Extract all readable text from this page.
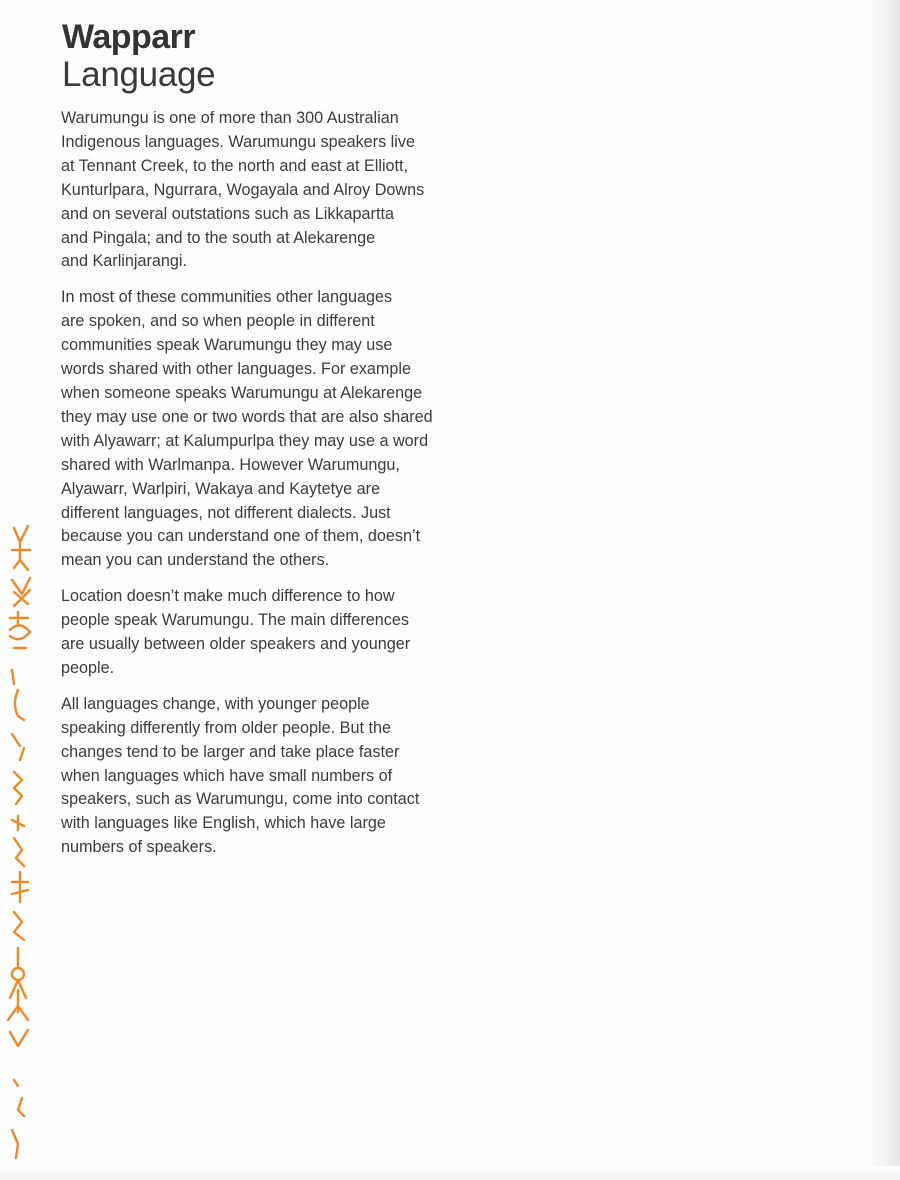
Wapparr
Language

Warumungu is one of more than 300 Australian
Indigenous languages. Warumungu speakers live
at Tennant Creek, to the north and east at Elliott,
Kunturlpara, Ngurrara, Wogayala and Alroy Downs
and on several outstations such as Likkapartta
and Pingala; and to the south at Alekarenge
and Karlinjarangi.

In most of these communities other languages
are spoken, and so when people in different
communities speak Warumungu they may use
words shared with other languages. For example
when someone speaks Warumungu at Alekarenge
they may use one or two words that are also shared
with Alyawarr; at Kalumpurlpa they may use a word
shared with Warlmanpa. However Warumungu,
Alyawarr, Warlpiri, Wakaya and Kaytetye are
different languages, not different dialects. Just
because you can understand one of them, doesn’t
mean you can understand the others.

Location doesn’t make much difference to how
people speak Warumungu. The main differences
are usually between older speakers and younger
people.

All languages change, with younger people
speaking differently from older people. But the
changes tend to be larger and take place faster
when languages which have small numbers of
speakers, such as Warumungu, come into contact
with languages like English, which have large
numbers of speakers.
